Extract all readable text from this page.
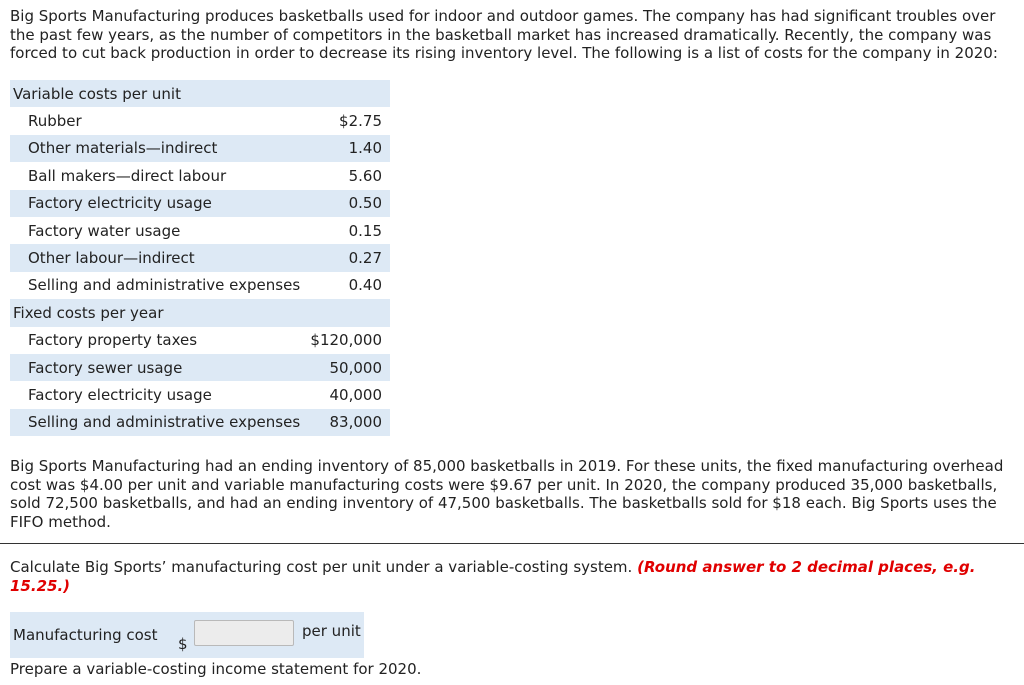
Big Sports Manufacturing produces basketballs used for indoor and outdoor games. The company has had significant troubles over the past few years, as the number of competitors in the basketball market has increased dramatically. Recently, the company was forced to cut back production in order to decrease its rising inventory level. The following is a list of costs for the company in 2020:

Variable costs per unit
Rubber	$2.75
Other materials—indirect	1.40
Ball makers—direct labour	5.60
Factory electricity usage	0.50
Factory water usage	0.15
Other labour—indirect	0.27
Selling and administrative expenses	0.40
Fixed costs per year
Factory property taxes	$120,000
Factory sewer usage	50,000
Factory electricity usage	40,000
Selling and administrative expenses 83,000

Big Sports Manufacturing had an ending inventory of 85,000 basketballs in 2019. For these units, the fixed manufacturing overhead cost was $4.00 per unit and variable manufacturing costs were $9.67 per unit. In 2020, the company produced 35,000 basketballs, sold 72,500 basketballs, and had an ending inventory of 47,500 basketballs. The basketballs sold for $18 each. Big Sports uses the FIFO method.

Calculate Big Sports’ manufacturing cost per unit under a variable-costing system. (Round answer to 2 decimal places, e.g. 15.25.)

Manufacturing cost $
per unit
Prepare a variable-costing income statement for 2020.
